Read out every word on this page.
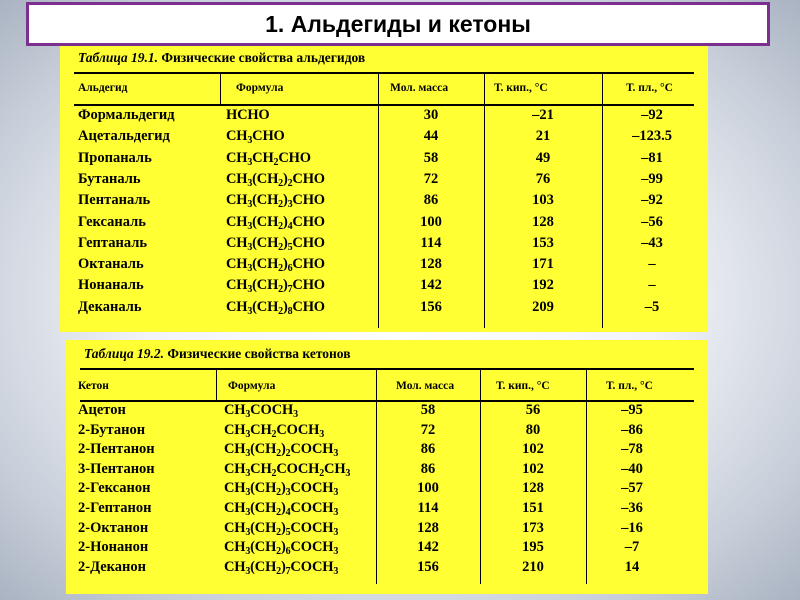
1. Альдегиды и кетоны
Таблица 19.1. Физические свойства альдегидов
Альдегид	Формула	Мол. масса	Т. кип., °С	Т. пл., °С
Формальдегид	НСНО	30	–21	–92
Ацетальдегид	$СН_3СНО$	44	21	–123.5
Пропаналь	$СН_3СН_2СНО$	58	49	–81
Бутаналь	$СН_3(СН_2)_2СНО$	72	76	–99
Пентаналь	$СН_3(СН_2)_3СНО$	86	103	–92
Гексаналь	$СН_3(СН_2)_4СНО$	100	128	–56
Гептаналь	$СН_3(СН_2)_5СНО$	114	153	–43
Октаналь	$СН_3(СН_2)_6СНО$	128	171	–
Нонаналь	$СН_3(СН_2)_7СНО$	142	192	–
Деканаль	$СН_3(СН_2)_8СНО$	156	209	–5
Таблица 19.2. Физические свойства кетонов
Кетон	Формула	Мол. масса	Т. кип., °С	Т. пл., °С
Ацетон	$СН_3СОСН_3$	58	56	–95
2-Бутанон	$СН_3СН_2СОСН_3$	72	80	–86
2-Пентанон	$СН_3(СН_2)_2СОСН_3$	86	102	–78
3-Пентанон	$СН_3СН_2СОСН_2СН_3$	86	102	–40
2-Гексанон	$СН_3(СН_2)_3СОСН_3$	100	128	–57
2-Гептанон	$СН_3(СН_2)_4СОСН_3$	114	151	–36
2-Октанон	$СН_3(СН_2)_5СОСН_3$	128	173	–16
2-Нонанон	$СН_3(СН_2)_6СОСН_3$	142	195	–7
2-Деканон	$СН_3(СН_2)_7СОСН_3$	156	210	14
